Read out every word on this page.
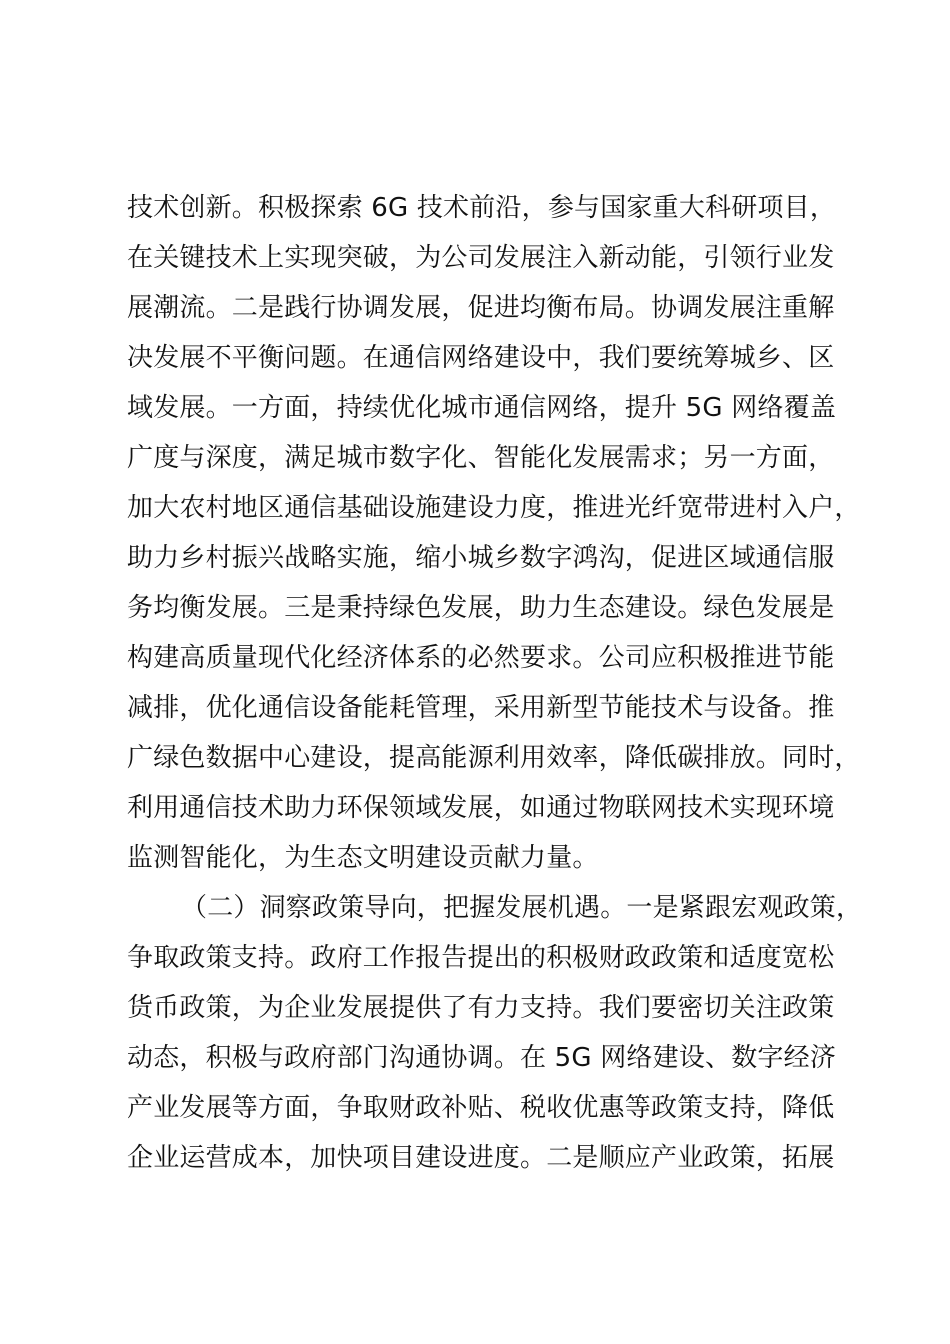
技术创新。积极探索 6G 技术前沿，参与国家重大科研项目，
在关键技术上实现突破，为公司发展注入新动能，引领行业发
展潮流。二是践行协调发展，促进均衡布局。协调发展注重解
决发展不平衡问题。在通信网络建设中，我们要统筹城乡、区
域发展。一方面，持续优化城市通信网络，提升 5G 网络覆盖
广度与深度，满足城市数字化、智能化发展需求；另一方面，
加大农村地区通信基础设施建设力度，推进光纤宽带进村入户，
助力乡村振兴战略实施，缩小城乡数字鸿沟，促进区域通信服
务均衡发展。三是秉持绿色发展，助力生态建设。绿色发展是
构建高质量现代化经济体系的必然要求。公司应积极推进节能
减排，优化通信设备能耗管理，采用新型节能技术与设备。推
广绿色数据中心建设，提高能源利用效率，降低碳排放。同时，
利用通信技术助力环保领域发展，如通过物联网技术实现环境
监测智能化，为生态文明建设贡献力量。
（二）洞察政策导向，把握发展机遇。一是紧跟宏观政策，
争取政策支持。政府工作报告提出的积极财政政策和适度宽松
货币政策，为企业发展提供了有力支持。我们要密切关注政策
动态，积极与政府部门沟通协调。在 5G 网络建设、数字经济
产业发展等方面，争取财政补贴、税收优惠等政策支持，降低
企业运营成本，加快项目建设进度。二是顺应产业政策，拓展
